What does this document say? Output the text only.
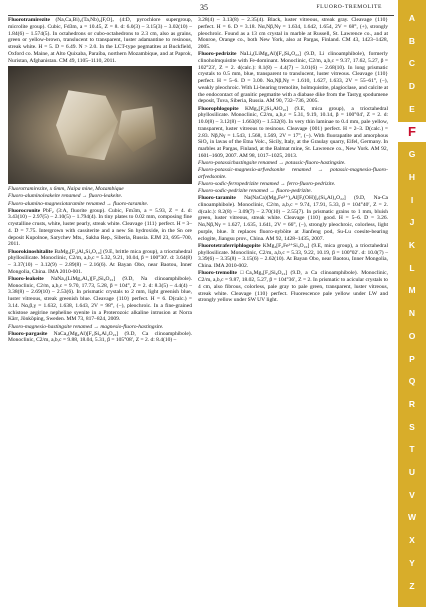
35	FLUORO-TREMOLITE

Fluorotramirezite (Na,Ca,Bi)₂(Ta,Nb)₂[F,O]₇ (4:D, pyrochlore supergroup, microlite group). Cubic, Fd3m, a = 10.45, Z = 8. d: 6.0(3) – 3.15(3) – 3.02(10) – 1.84(6) – 1.574(5). In octahedrons or cubo-octahedrons to 2.3 cm, also as grains, green or yellow-brown, translucent to transparent, luster adamantine to resinous, streak white. H = 5. D = 6.49. N > 2.0. In the LCT-type pegmatites at Buckfield, Oxford co. Maine, at Alto Quixaba, Paraíba, northern Mozambique, and at Paprok, Nuristan, Afghanistan. CM 49, 1105–1110, 2011.

Fluorotramirezite, x 6mm, Naipa mine, Mozambique

Fluoro-aluminoleakeite renamed → fluoro-leakeite.

Fluoro-alumino-magnesiotaramite renamed → fluoro-taramite.

Fluorocronite PbF₂ (3:A, fluorite group). Cubic, Fm3m, a = 5.93, Z = 4. d: 3.43(10) – 2.97(5) – 2.10(5) – 1.794(4). In tiny plates to 0.02 mm, composing fine crystalline crusts, white, luster pearly, streak white. Cleavage {111} perfect. H = 3–4. D = 7.75. Intergrown with cassiterite and a new Sn hydroxide, in the Sn ore deposit Kupolnoe, Sarychev Mts., Sakha Rep., Siberia, Russia. EJM 23, 695–700, 2011.

Fluorokinoshitalite BaMg₃[F₂|Al₂Si₂O₁₀] (9.E, brittle mica group), a trioctahedral phyllosilicate. Monoclinic, C2/m, a,b,c = 5.32, 9.21, 10.04, β = 100°30′. d: 3.64(8) – 3.37(10) – 3.12(9) – 2.89(8) – 2.16(6). At Bayan Obo, near Baotou, Inner Mongolia, China. IMA 2010-001.

Fluoro-leakeite NaNa₂(LiMg₂Al₂)[F₂|Si₈O₂₂] (9.D, Na clinoamphibole). Monoclinic, C2/m, a,b,c = 9.70, 17.73, 5.28, β = 104°, Z = 2. d: 8.3(5) – 4.4(4) – 3.38(8) – 2.69(10) – 2.53(6). In prismatic crystals to 2 mm, light greenish blue, luster vitreous, streak greenish blue. Cleavage {110} perfect. H = 6. D(calc.) = 3.14. Nα,β,γ = 1.632, 1.638, 1.643, 2V = 98°, (−), pleochroic. In a fine-grained schistose aegirine nepheline syenite in a Proterozoic alkaline intrusion at Norra Kärr, Jönköping, Sweden. MM 73, 817–824, 2009.

Fluoro-magnesio-hastingsite renamed → magnesio-fluoro-hastingsite.

Fluoro-pargasite NaCa₂(Mg₄Al)[F₂|Si₆Al₂O₂₂] (9.D, Ca clinoamphibole). Monoclinic, C2/m, a,b,c = 9.88, 18.04, 5.31, β = 105°08′, Z = 2. d: 8.4(10) –

3.28(4) – 3.13(8) – 2.35(4). Black, luster vitreous, streak gray. Cleavage {110} perfect. H = 6. D = 3.18. Nα,Nβ,Nγ = 1.634, 1.642, 1.654, 2V = 68°, (+), strongly pleochroic. Found as a 13 cm crystal in marble at Russell, St. Lawrence co., and at Monroe, Orange co., both New York, also at Pargas, Finland. CM 43, 1423–1428, 2005.

Fluoro-pedrizite NaLi₂(LiMg₂Al)[F₂|Si₈O₂₂] (9.D, Li clinoamphibole), formerly clinoholmquistite with Fe-dominant. Monoclinic, C2/m, a,b,c = 9.37, 17.62, 5.27, β = 102°23′, Z = 2. d(calc.): 8.1(8) – 4.4(7) – 3.01(6) – 2.68(10). In long prismatic crystals to 0.5 mm, blue, transparent to translucent, luster vitreous. Cleavage {110} perfect. H = 5–6. D = 3.00. Nα,Nβ,Nγ = 1.610, 1.627, 1.633, 2V = 55–61°, (−), weakly pleochroic. With Li-bearing tremolite, holmquistite, plagioclase, and calcite at the endocontact of granitic pegmatite with a diabase dike from the Tastyg spodumene deposit, Tuva, Siberia, Russia. AM 90, 732–736, 2005.

Fluorophlogopite KMg₃[F₂|Si₃AlO₁₀] (9.E, mica group), a trioctahedral phyllosilicate. Monoclinic, C2/m, a,b,c = 5.31, 9.19, 10.14, β = 100°04′, Z = 2. d: 10.0(8) – 3.12(8) – 1.663(8) – 1.532(8). In very thin laminae to 0.4 mm, pale yellow, transparent, luster vitreous to resinous. Cleavage {001} perfect. H = 2–3. D(calc.) = 2.83. Nβ,Nγ = 1.543, 1.568, 1.569, 2V = 17°, (−). With fluorapatite and amorphous SiO₂ in lavas of the Etna Volc., Sicily, Italy, at the Graulay quarry, Eifel, Germany. In marbles at Pargas, Finland, at the Balmat mine, St. Lawrence co., New York. AM 92, 1601–1609, 2007. AM 98, 1017–1025, 2013.

Fluoro-potassichastingsite renamed → potassic-fluoro-hastingsite.

Fluoro-potassic-magnesio-arfvedsonite renamed → potassic-magnesio-fluoro-arfvedsonite.

Fluoro-sodic-ferropedrizite renamed → ferro-fluoro-pedrizite.

Fluoro-sodic-pedrizite renamed → fluoro-pedrizite.

Fluoro-taramite Na(NaCa)(Mg₃Fe³⁺)₂Al[F,(OH)]₂(Si₆Al)₂O₂₂] (9.D, Na-Ca clinoamphibole). Monoclinic, C2/m, a,b,c = 9.74, 17.91, 5.33, β = 104°40′, Z = 2. d(calc.): 8.2(8) – 3.09(7) – 2.70(10) – 2.55(7). In prismatic grains to 1 mm, bluish green, luster vitreous, streak white. Cleavage {110} good. H = 5–6. D = 3.26. Nα,Nβ,Nγ = 1.627, 1.635, 1.641, 2V = 66°, (−), strongly pleochroic, colorless, light purple, blue. It replaces fluoro-nyböite at Jianfeng pod, Su-Lu coesite-bearing eclogite, Jiangsu prov., China. AM 92, 1428–1435, 2007.

Fluorotetraferriphlogopite KMg₃[F₂Fe³⁺Si₃O₁₀] (9.E, mica group), a trioctahedral phyllosilicate. Monoclinic, C2/m, a,b,c = 5.33, 9.22, 10.19, β = 100°02′. d: 10.0(7) – 3.39(6) – 3.35(8) – 3.15(6) – 2.62(10). At Bayan Obo, near Baotou, Inner Mongolia, China. IMA 2010-002.

Fluoro-tremolite □Ca₂Mg₅[F₂|Si₈O₂₂] (9.D, a Ca clinoamphibole). Monoclinic, C2/m, a,b,c = 9.87, 18.02, 5.27, β = 104°36′, Z = 2. In prismatic to acicular crystals to 4 cm, also fibrous, colorless, pale gray to pale green, transparent, luster vitreous, streak white. Cleavage {110} perfect. Fluorescence pale yellow under LW and strongly yellow under SW UV light.

A
B
C
D
E
F
G
H
I
J
K
L
M
N
O
P
Q
R
S
T
U
V
W
X
Y
Z
